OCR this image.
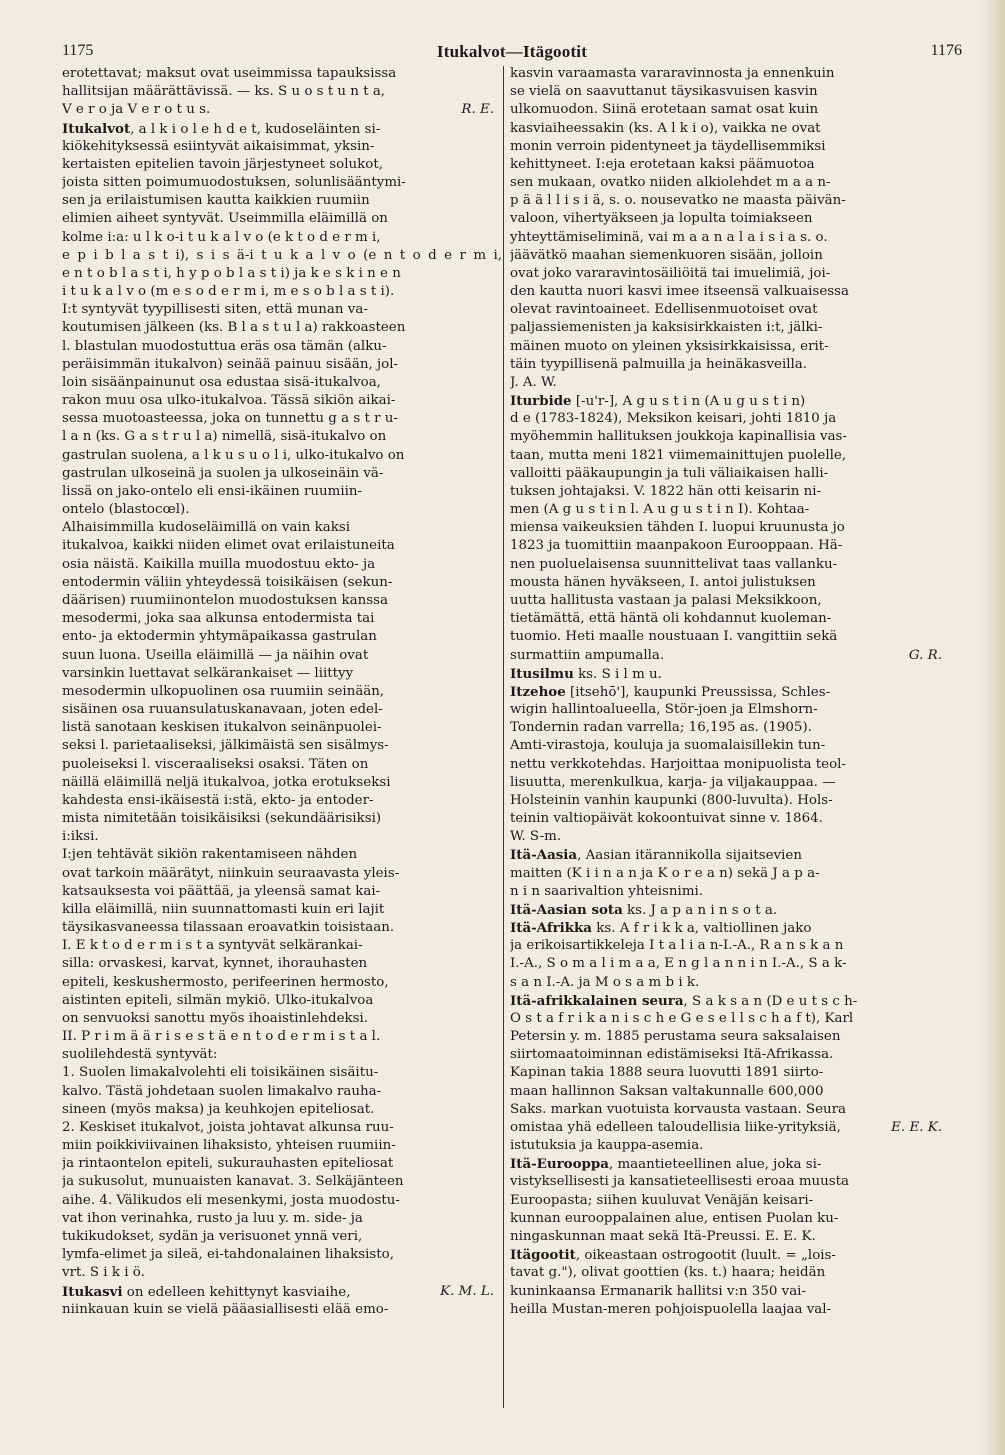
1175	Itukalvot—Itägootit	1176
erotettavat; maksut ovat useimmissa tapauksissa
hallitsijan määrättävissä. — ks. S u o s t u n t a,
V e r o ja V e r o t u s.	R. E.
Itukalvot, a l k i o l e h d e t, kudoseläinten si-
kiökehityksessä esiintyvät aikaisimmat, yksin-
kertaisten epitelien tavoin järjestyneet solukot,
joista sitten poimumuodostuksen, solunlisääntymi-
sen ja erilaistumisen kautta kaikkien ruumiin
elimien aiheet syntyvät. Useimmilla eläimillä on
kolme i:a: u l k o-i t u k a l v o (e k t o d e r m i,
e p i b l a s t i), s i s ä-i t u k a l v o (e n t o d e r m i,
e n t o b l a s t i, h y p o b l a s t i) ja k e s k i n e n
i t u k a l v o (m e s o d e r m i, m e s o b l a s t i).
I:t syntyvät tyypillisesti siten, että munan va-
koutumisen jälkeen (ks. B l a s t u l a) rakkoasteen
l. blastulan muodostuttua eräs osa tämän (alku-
peräisimmän itukalvon) seinää painuu sisään, jol-
loin sisäänpainunut osa edustaa sisä-itukalvoa,
rakon muu osa ulko-itukalvoa. Tässä sikiön aikai-
sessa muotoasteessa, joka on tunnettu g a s t r u-
l a n (ks. G a s t r u l a) nimellä, sisä-itukalvo on
gastrulan suolena, a l k u s u o l i, ulko-itukalvo on
gastrulan ulkoseinä ja suolen ja ulkoseinäin vä-
lissä on jako-ontelo eli ensi-ikäinen ruumiin-
ontelo (blastocœl).
Alhaisimmilla kudoseläimillä on vain kaksi
itukalvoa, kaikki niiden elimet ovat erilaistuneita
osia näistä. Kaikilla muilla muodostuu ekto- ja
entodermin väliin yhteydessä toisikäisen (sekun-
däärisen) ruumiinontelon muodostuksen kanssa
mesodermi, joka saa alkunsa entodermista tai
ento- ja ektodermin yhtymäpaikassa gastrulan
suun luona. Useilla eläimillä — ja näihin ovat
varsinkin luettavat selkärankaiset — liittyy
mesodermin ulkopuolinen osa ruumiin seinään,
sisäinen osa ruuansulatuskanavaan, joten edel-
listä sanotaan keskisen itukalvon seinänpuolei-
seksi l. parietaaliseksi, jälkimäistä sen sisälmys-
puoleiseksi l. visceraaliseksi osaksi. Täten on
näillä eläimillä neljä itukalvoa, jotka erotukseksi
kahdesta ensi-ikäisestä i:stä, ekto- ja entoder-
mista nimitetään toisikäisiksi (sekundäärisiksi)
i:iksi.
I:jen tehtävät sikiön rakentamiseen nähden
ovat tarkoin määrätyt, niinkuin seuraavasta yleis-
katsauksesta voi päättää, ja yleensä samat kai-
killa eläimillä, niin suunnattomasti kuin eri lajit
täysikasvaneessa tilassaan eroavatkin toisistaan.
I. E k t o d e r m i s t a syntyvät selkärankai-
silla: orvaskesi, karvat, kynnet, ihorauhasten
epiteli, keskushermosto, perifeerinen hermosto,
aistinten epiteli, silmän mykiö. Ulko-itukalvoa
on senvuoksi sanottu myös ihoaistinlehdeksi.
II. P r i m ä ä r i s e s t ä e n t o d e r m i s t a l.
suolilehdestä syntyvät:
1. Suolen limakalvolehti eli toisikäinen sisäitu-
kalvo. Tästä johdetaan suolen limakalvo rauha-
sineen (myös maksa) ja keuhkojen epiteliosat.
2. Keskiset itukalvot, joista johtavat alkunsa ruu-
miin poikkiviivainen lihaksisto, yhteisen ruumiin-
ja rintaontelon epiteli, sukurauhasten epiteliosat
ja sukusolut, munuaisten kanavat. 3. Selkäjänteen
aihe. 4. Välikudos eli mesenkymi, josta muodostu-
vat ihon verinahka, rusto ja luu y. m. side- ja
tukikudokset, sydän ja verisuonet ynnä veri,
lymfa-elimet ja sileä, ei-tahdonalainen lihaksisto,
vrt. S i k i ö.
Itukasvi on edelleen kehittynyt kasviaihe,	K. M. L.
niinkauan kuin se vielä pääasiallisesti elää emo-
kasvin varaamasta vararavinnosta ja ennenkuin
se vielä on saavuttanut täysikasvuisen kasvin
ulkomuodon. Siinä erotetaan samat osat kuin
kasviaiheessakin (ks. A l k i o), vaikka ne ovat
monin verroin pidentyneet ja täydellisemmiksi
kehittyneet. I:eja erotetaan kaksi päämuotoa
sen mukaan, ovatko niiden alkiolehdet m a a n-
p ä ä l l i s i ä, s. o. nousevatko ne maasta päivän-
valoon, vihertyäkseen ja lopulta toimiakseen
yhteyttämiseliminä, vai m a a n a l a i s i a s. o.
jäävätkö maahan siemenkuoren sisään, jolloin
ovat joko vararavintosäiliöitä tai imuelimiä, joi-
den kautta nuori kasvi imee itseensä valkuaisessa
olevat ravintoaineet. Edellisenmuotoiset ovat
paljassiemenisten ja kaksisirkkaisten i:t, jälki-
mäinen muoto on yleinen yksisirkkaisissa, erit-
täin tyypillisenä palmuilla ja heinäkasveilla.
J. A. W.
Iturbide [-u'r-], A g u s t i n (A u g u s t i n)
d e (1783-1824), Meksikon keisari, johti 1810 ja
myöhemmin hallituksen joukkoja kapinallisia vas-
taan, mutta meni 1821 viimemainittujen puolelle,
valloitti pääkaupungin ja tuli väliaikaisen halli-
tuksen johtajaksi. V. 1822 hän otti keisarin ni-
men (A g u s t i n l. A u g u s t i n I). Kohtaa-
miensa vaikeuksien tähden I. luopui kruunusta jo
1823 ja tuomittiin maanpakoon Eurooppaan. Hä-
nen puoluelaisensa suunnittelivat taas vallanku-
mousta hänen hyväkseen, I. antoi julistuksen
uutta hallitusta vastaan ja palasi Meksikkoon,
tietämättä, että häntä oli kohdannut kuoleman-
tuomio. Heti maalle noustuaan I. vangittiin sekä
surmattiin ampumalla.	G. R.
Itusilmu ks. S i l m u.
Itzehoe [itsehō'], kaupunki Preussissa, Schles-
wigin hallintoalueella, Stör-joen ja Elmshorn-
Tondernin radan varrella; 16,195 as. (1905).
Amti-virastoja, kouluja ja suomalaisillekin tun-
nettu verkkotehdas. Harjoittaa monipuolista teol-
lisuutta, merenkulkua, karja- ja viljakauppaa. —
Holsteinin vanhin kaupunki (800-luvulta). Hols-
teinin valtiopäivät kokoontuivat sinne v. 1864.
W. S-m.
Itä-Aasia, Aasian itärannikolla sijaitsevien
maitten (K i i n a n ja K o r e a n) sekä J a p a-
n i n saarivaltion yhteisnimi.
Itä-Aasian sota ks. J a p a n i n s o t a.
Itä-Afrikka ks. A f r i k k a, valtiollinen jako
ja erikoisartikkeleja I t a l i a n-I.-A., R a n s k a n
I.-A., S o m a l i m a a, E n g l a n n i n I.-A., S a k-
s a n I.-A. ja M o s a m b i k.
Itä-afrikkalainen seura, S a k s a n (D e u t s c h-
O s t a f r i k a n i s c h e G e s e l l s c h a f t), Karl
Petersin y. m. 1885 perustama seura saksalaisen
siirtomaatoiminnan edistämiseksi Itä-Afrikassa.
Kapinan takia 1888 seura luovutti 1891 siirto-
maan hallinnon Saksan valtakunnalle 600,000
Saks. markan vuotuista korvausta vastaan. Seura
omistaa yhä edelleen taloudellisia liike-yrityksiä,	E. E. K.
istutuksia ja kauppa-asemia.
Itä-Eurooppa, maantieteellinen alue, joka si-
vistyksellisesti ja kansatieteellisesti eroaa muusta
Euroopasta; siihen kuuluvat Venäjän keisari-
kunnan eurooppalainen alue, entisen Puolan ku-
ningaskunnan maat sekä Itä-Preussi. E. E. K.
Itägootit, oikeastaan ostrogootit (luult. = „lois-
tavat g."), olivat goottien (ks. t.) haara; heidän
kuninkaansa Ermanarik hallitsi v:n 350 vai-
heilla Mustan-meren pohjoispuolella laajaa val-
